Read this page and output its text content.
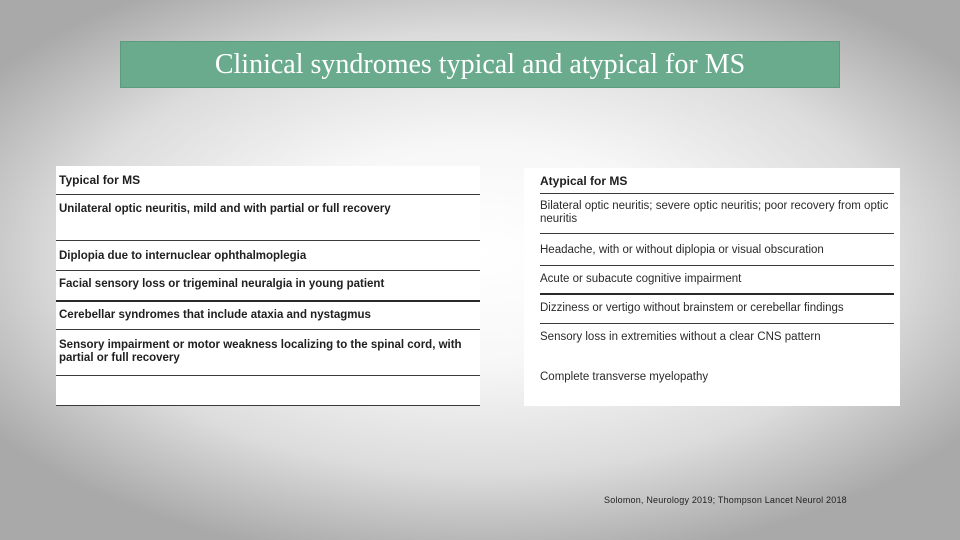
Clinical syndromes typical and atypical for MS
Typical for MS
Unilateral optic neuritis, mild and with partial or full recovery
Diplopia due to internuclear ophthalmoplegia
Facial sensory loss or trigeminal neuralgia in young patient
Cerebellar syndromes that include ataxia and nystagmus
Sensory impairment or motor weakness localizing to the spinal cord, with partial or full recovery
Atypical for MS
Bilateral optic neuritis; severe optic neuritis; poor recovery from optic neuritis
Headache, with or without diplopia or visual obscuration
Acute or subacute cognitive impairment
Dizziness or vertigo without brainstem or cerebellar findings
Sensory loss in extremities without a clear CNS pattern
Complete transverse myelopathy
Solomon, Neurology 2019; Thompson Lancet Neurol 2018
